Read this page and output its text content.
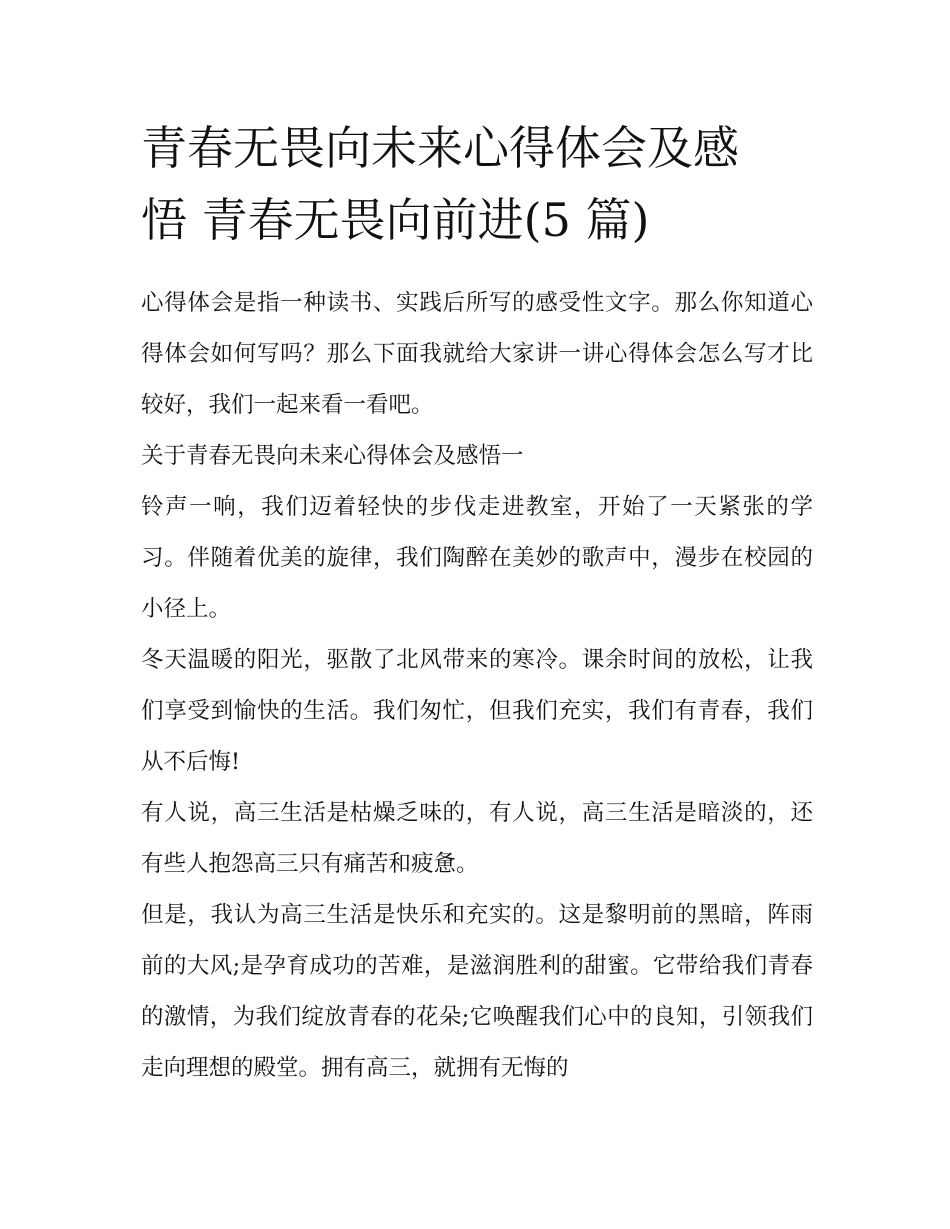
青春无畏向未来心得体会及感
悟 青春无畏向前进(5 篇)

心得体会是指一种读书、实践后所写的感受性文字。那么你知道心得体会如何写吗？那么下面我就给大家讲一讲心得体会怎么写才比较好，我们一起来看一看吧。

关于青春无畏向未来心得体会及感悟一

铃声一响，我们迈着轻快的步伐走进教室，开始了一天紧张的学习。伴随着优美的旋律，我们陶醉在美妙的歌声中，漫步在校园的小径上。

冬天温暖的阳光，驱散了北风带来的寒冷。课余时间的放松，让我们享受到愉快的生活。我们匆忙，但我们充实，我们有青春，我们从不后悔!

有人说，高三生活是枯燥乏味的，有人说，高三生活是暗淡的，还有些人抱怨高三只有痛苦和疲惫。

但是，我认为高三生活是快乐和充实的。这是黎明前的黑暗，阵雨前的大风;是孕育成功的苦难，是滋润胜利的甜蜜。它带给我们青春的激情，为我们绽放青春的花朵;它唤醒我们心中的良知，引领我们走向理想的殿堂。拥有高三，就拥有无悔的
